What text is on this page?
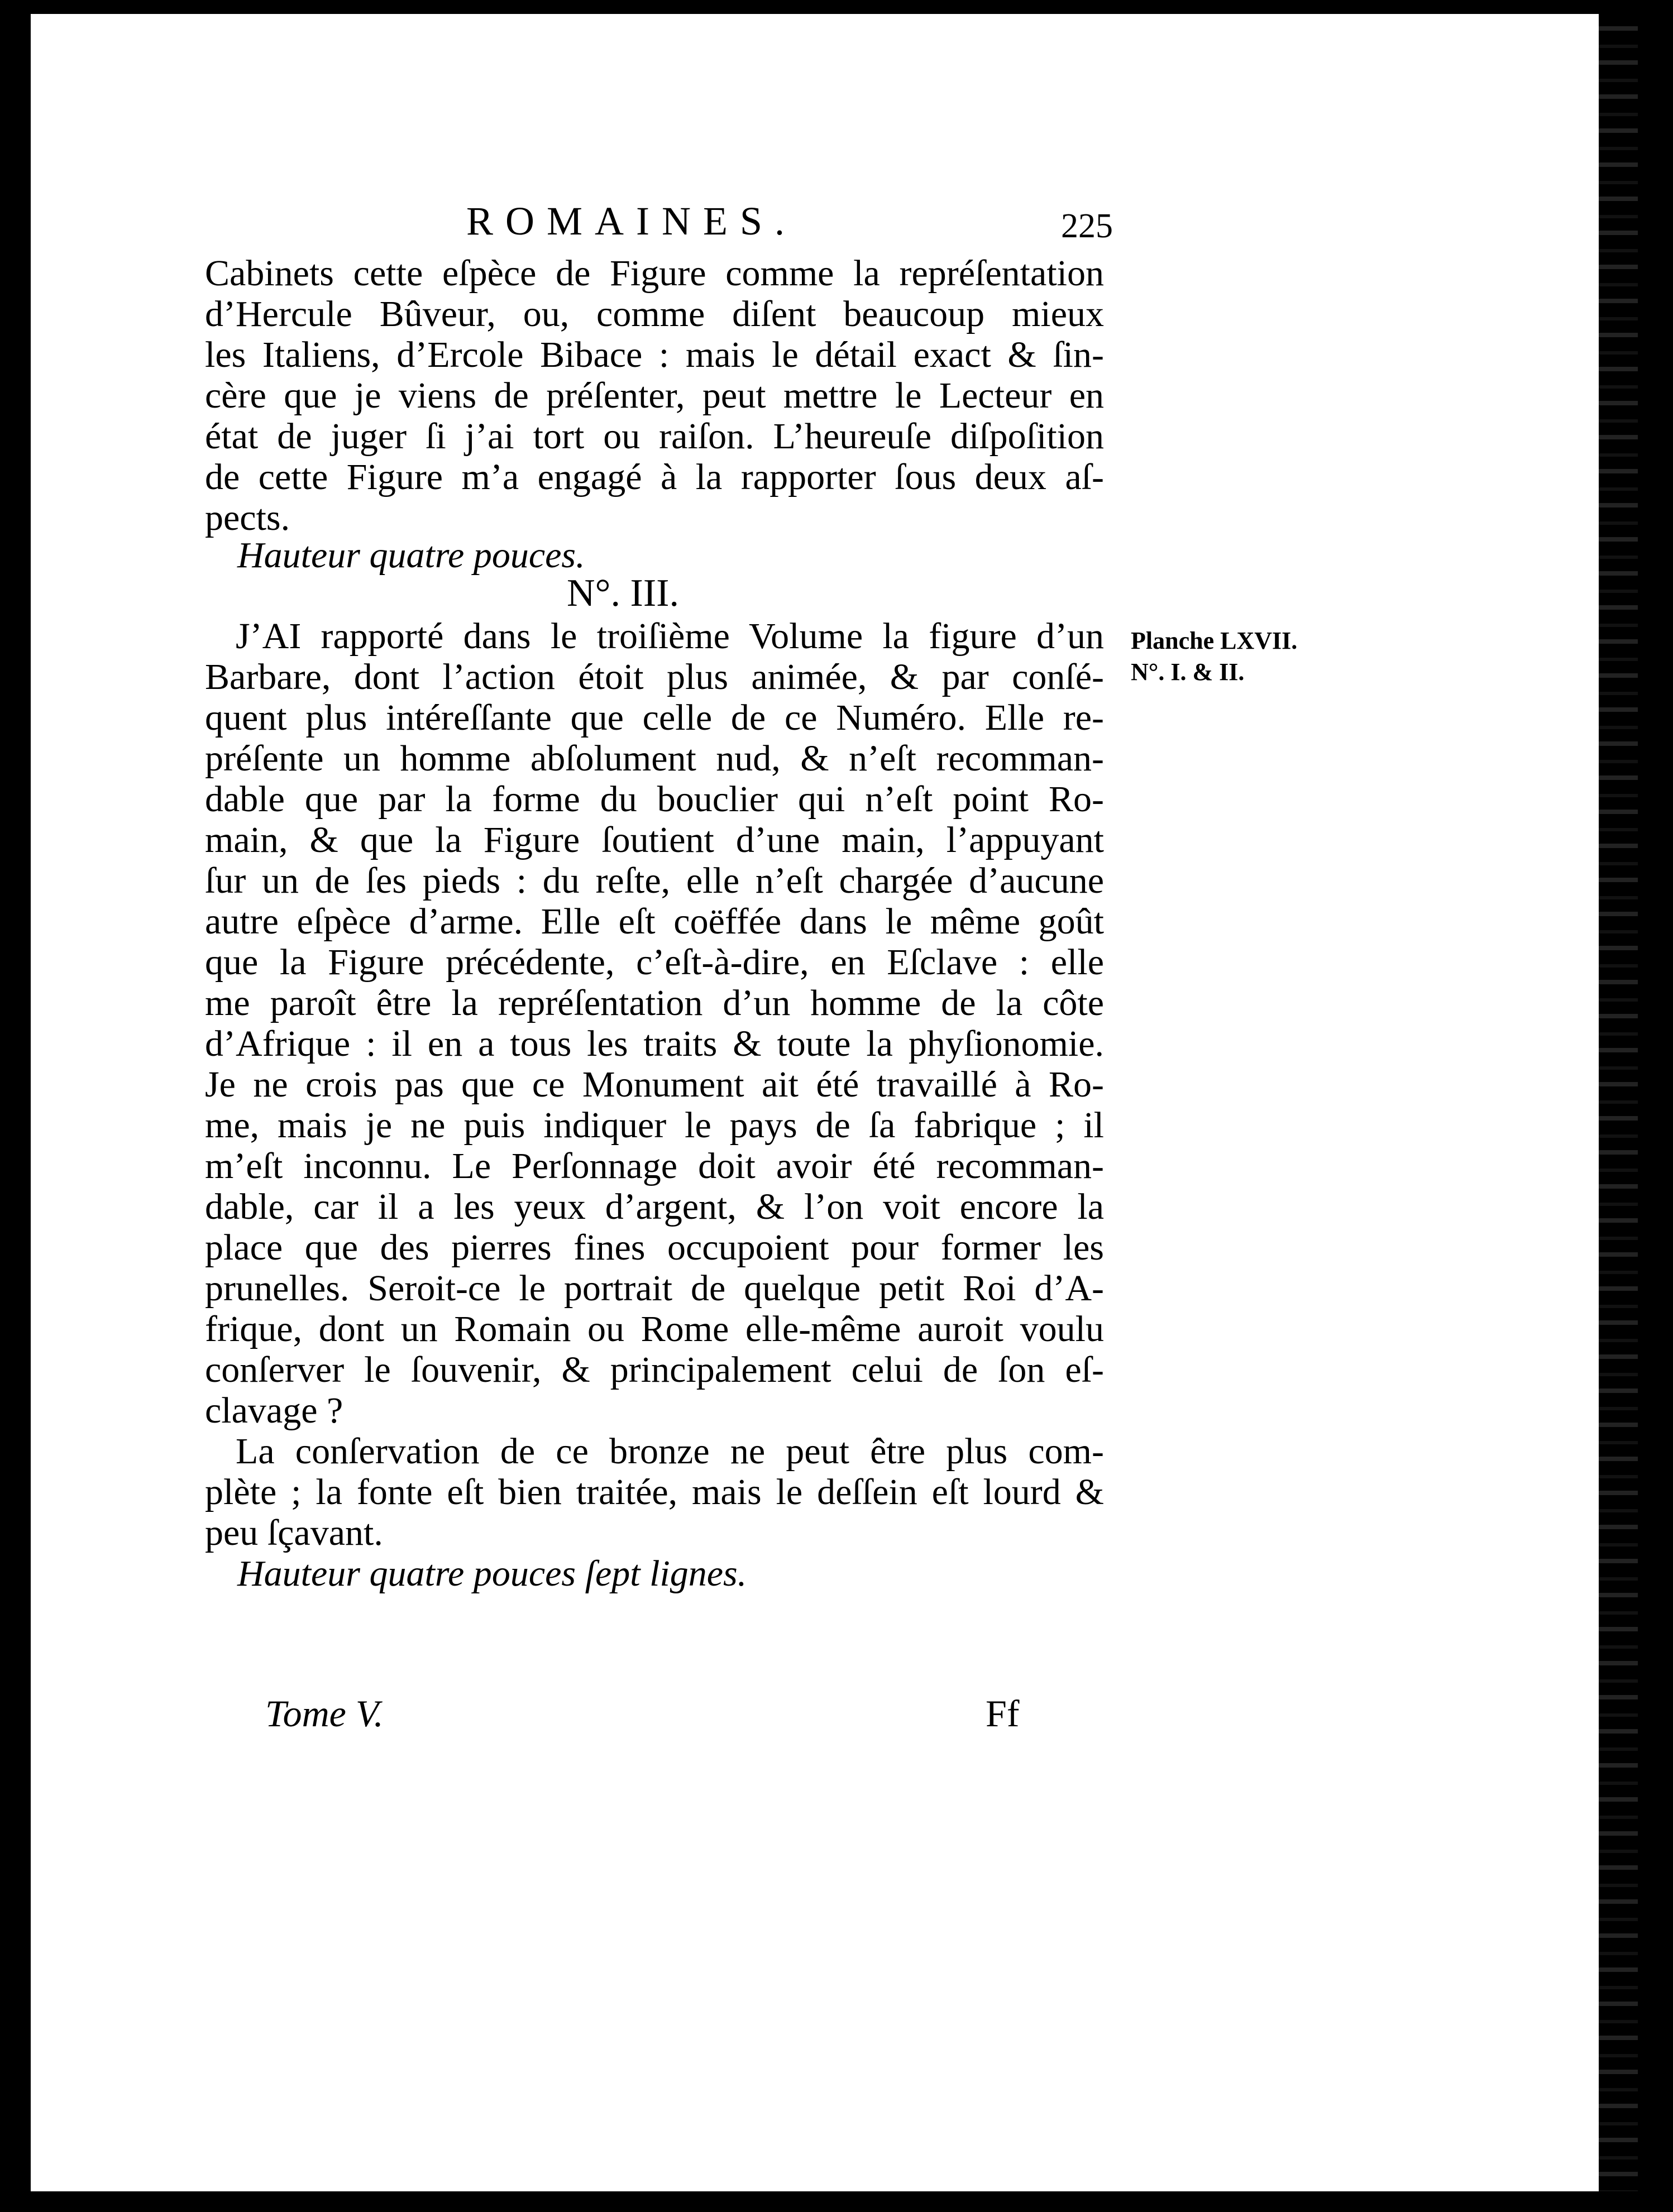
ROMAINES.	225
Cabinets cette eſpèce de Figure comme la repréſentation
d’Hercule Bûveur, ou, comme diſent beaucoup mieux
les Italiens, d’Ercole Bibace : mais le détail exact & ſin-
cère que je viens de préſenter, peut mettre le Lecteur en
état de juger ſi j’ai tort ou raiſon. L’heureuſe diſpoſition
de cette Figure m’a engagé à la rapporter ſous deux aſ-
pects.
Hauteur quatre pouces.
N°. III.
Planche LXVII.
N°. I. & II.
J’AI rapporté dans le troiſième Volume la figure d’un
Barbare, dont l’action étoit plus animée, & par conſé-
quent plus intéreſſante que celle de ce Numéro. Elle re-
préſente un homme abſolument nud, & n’eſt recomman-
dable que par la forme du bouclier qui n’eſt point Ro-
main, & que la Figure ſoutient d’une main, l’appuyant
ſur un de ſes pieds : du reſte, elle n’eſt chargée d’aucune
autre eſpèce d’arme. Elle eſt coëffée dans le même goût
que la Figure précédente, c’eſt-à-dire, en Eſclave : elle
me paroît être la repréſentation d’un homme de la côte
d’Afrique : il en a tous les traits & toute la phyſionomie.
Je ne crois pas que ce Monument ait été travaillé à Ro-
me, mais je ne puis indiquer le pays de ſa fabrique ; il
m’eſt inconnu. Le Perſonnage doit avoir été recomman-
dable, car il a les yeux d’argent, & l’on voit encore la
place que des pierres fines occupoient pour former les
prunelles. Seroit-ce le portrait de quelque petit Roi d’A-
frique, dont un Romain ou Rome elle-même auroit voulu
conſerver le ſouvenir, & principalement celui de ſon eſ-
clavage ?
La conſervation de ce bronze ne peut être plus com-
plète ; la fonte eſt bien traitée, mais le deſſein eſt lourd &
peu ſçavant.
Hauteur quatre pouces ſept lignes.
Tome V.	Ff
